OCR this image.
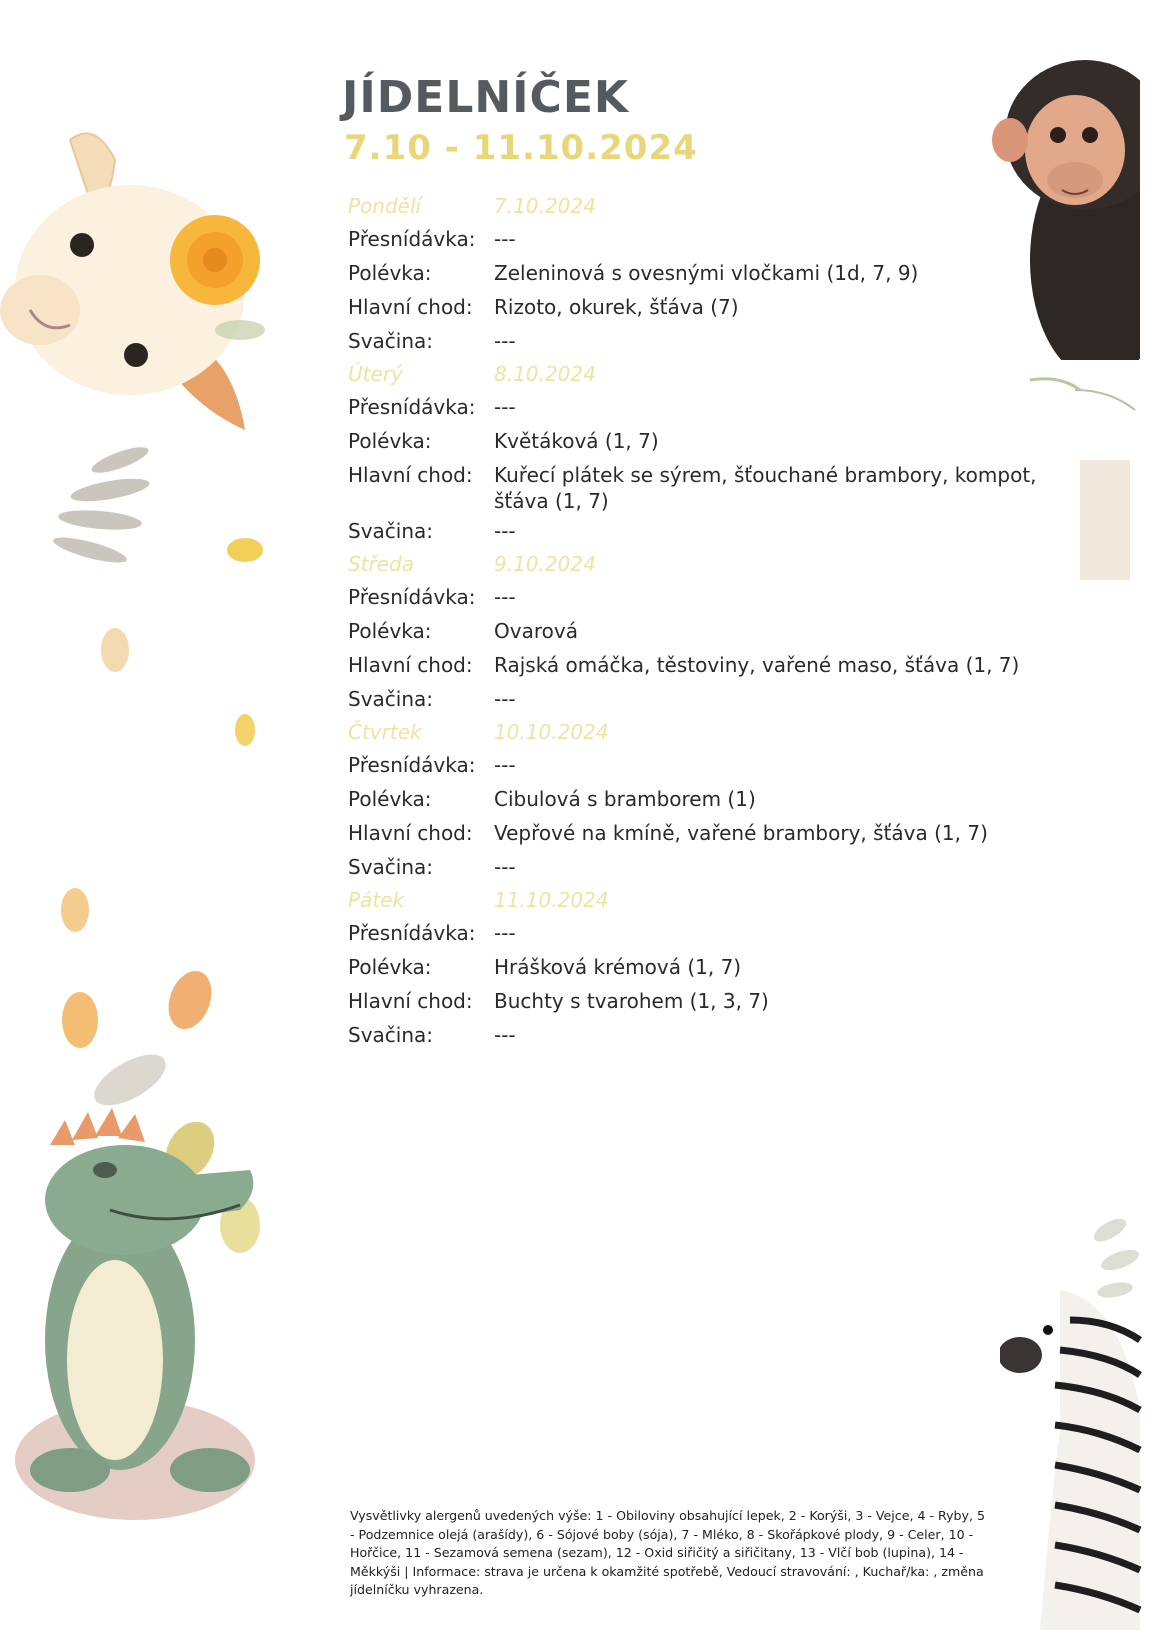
JÍDELNÍČEK
7.10 - 11.10.2024
Pondělí	7.10.2024
Přesnídávka: ---
Polévka:	Zeleninová s ovesnými vločkami (1d, 7, 9)
Hlavní chod:	Rizoto, okurek, šťáva (7)
Svačina:	---
Úterý	8.10.2024
Přesnídávka: ---
Polévka:	Květáková (1, 7)
Hlavní chod:	Kuřecí plátek se sýrem, šťouchané brambory, kompot, šťáva (1, 7)
Svačina:	---
Středa	9.10.2024
Přesnídávka: ---
Polévka:	Ovarová
Hlavní chod:	Rajská omáčka, těstoviny, vařené maso, šťáva (1, 7)
Svačina:	---
Čtvrtek	10.10.2024
Přesnídávka: ---
Polévka:	Cibulová s bramborem (1)
Hlavní chod:	Vepřové na kmíně, vařené brambory, šťáva (1, 7)
Svačina:	---
Pátek	11.10.2024
Přesnídávka: ---
Polévka:	Hrášková krémová (1, 7)
Hlavní chod:	Buchty s tvarohem (1, 3, 7)
Svačina:	---
Vysvětlivky alergenů uvedených výše: 1 - Obiloviny obsahující lepek, 2 - Korýši, 3 - Vejce, 4 - Ryby, 5 - Podzemnice olejá (arašídy), 6 - Sójové boby (sója), 7 - Mléko, 8 - Skořápkové plody, 9 - Celer, 10 - Hořčice, 11 - Sezamová semena (sezam), 12 - Oxid siřičitý a siřičitany, 13 - Vlčí bob (lupina), 14 - Měkkýši | Informace: strava je určena k okamžité spotřebě, Vedoucí stravování: , Kuchař/ka: , změna jídelníčku vyhrazena.
